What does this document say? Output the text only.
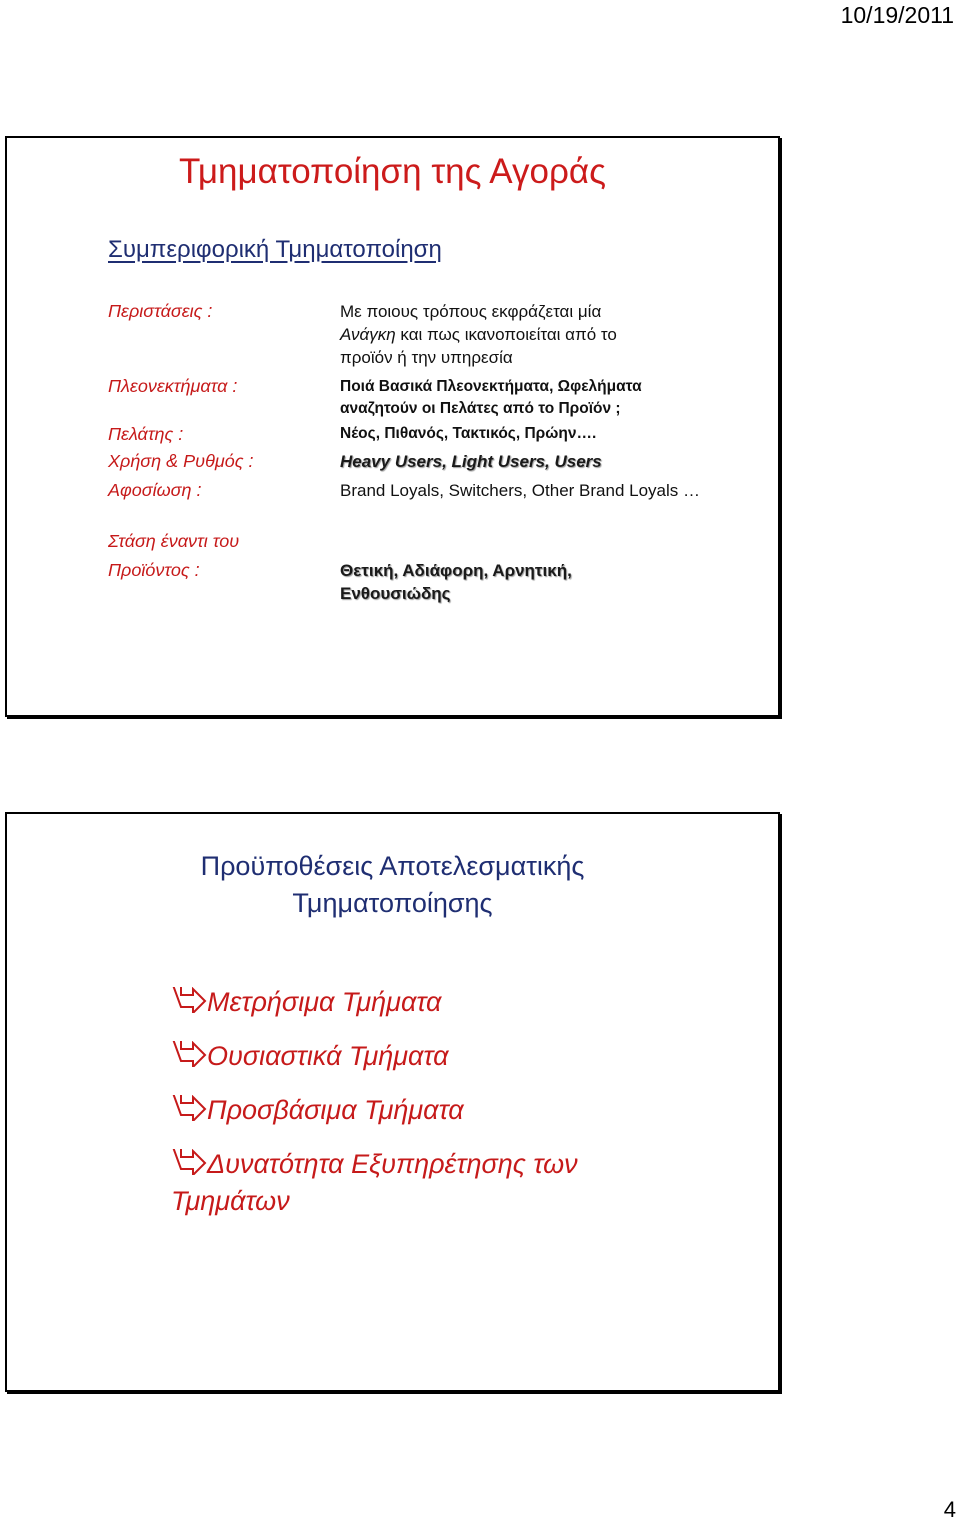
10/19/2011
Τμηματοποίηση της Αγοράς
Συμπεριφορική Τμηματοποίηση
Περιστάσεις :	Με ποιους τρόπους εκφράζεται μία
Ανάγκη και πως ικανοποιείται από το
προϊόν ή την υπηρεσία
Πλεονεκτήματα :	Ποιά Βασικά Πλεονεκτήματα, Ωφελήματα αναζητούν οι Πελάτες από το Προϊόν ;
Πελάτης :	Νέος, Πιθανός, Τακτικός, Πρώην….
Χρήση & Ρυθμός :	Heavy Users, Light Users, Users
Αφοσίωση :	Brand Loyals, Switchers, Other Brand Loyals …
Στάση έναντι του
Προϊόντος :	Θετική, Αδιάφορη, Αρνητική, Ενθουσιώδης
Προϋποθέσεις Αποτελεσματικής Τμηματοποίησης
Μετρήσιμα Τμήματα
Ουσιαστικά Τμήματα
Προσβάσιμα Τμήματα
Δυνατότητα Εξυπηρέτησης των Τμημάτων
4
